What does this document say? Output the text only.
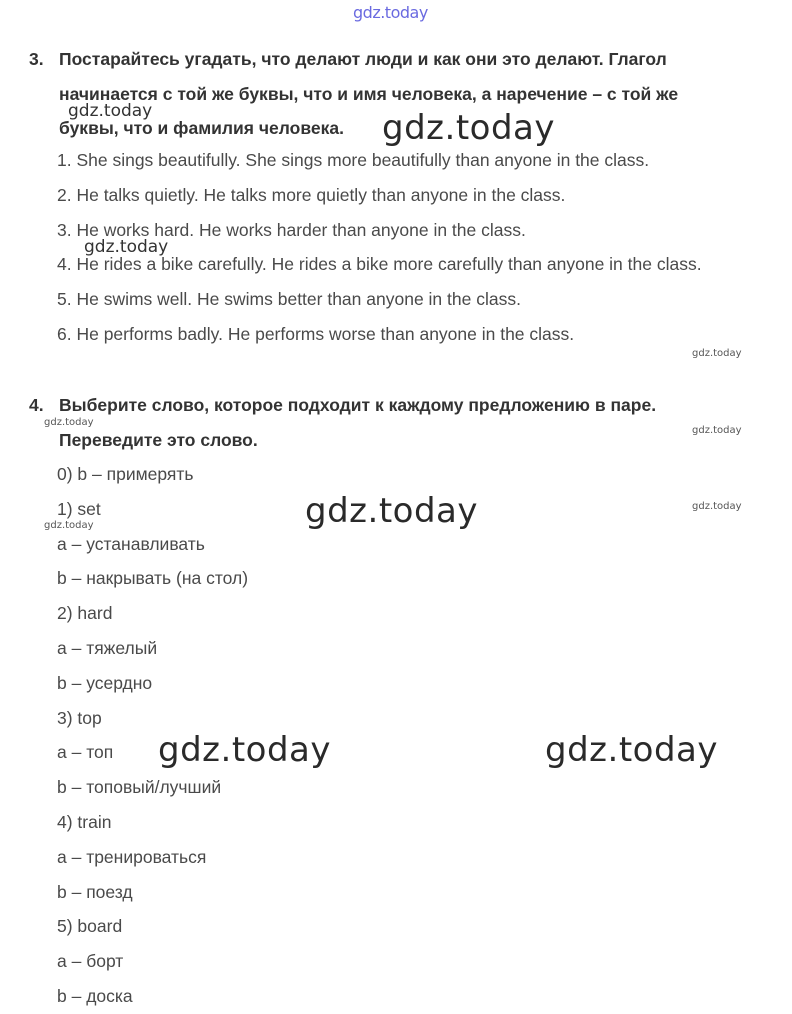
gdz.today
3. Постарайтесь угадать, что делают люди и как они это делают. Глагол
начинается с той же буквы, что и имя человека, а наречение – с той же
буквы, что и фамилия человека.
1. She sings beautifully. She sings more beautifully than anyone in the class.
2. He talks quietly. He talks more quietly than anyone in the class.
3. He works hard. He works harder than anyone in the class.
4. He rides a bike carefully. He rides a bike more carefully than anyone in the class.
5. He swims well. He swims better than anyone in the class.
6. He performs badly. He performs worse than anyone in the class.
4. Выберите слово, которое подходит к каждому предложению в паре.
Переведите это слово.
0) b – примерять
1) set
a – устанавливать
b – накрывать (на стол)
2) hard
a – тяжелый
b – усердно
3) top
a – топ
b – топовый/лучший
4) train
a – тренироваться
b – поезд
5) board
a – борт
b – доска
gdz.today	gdz.today
gdz.today
gdz.today
gdz.today
gdz.today
gdz.today	gdz.today
gdz.today
gdz.today	gdz.today
